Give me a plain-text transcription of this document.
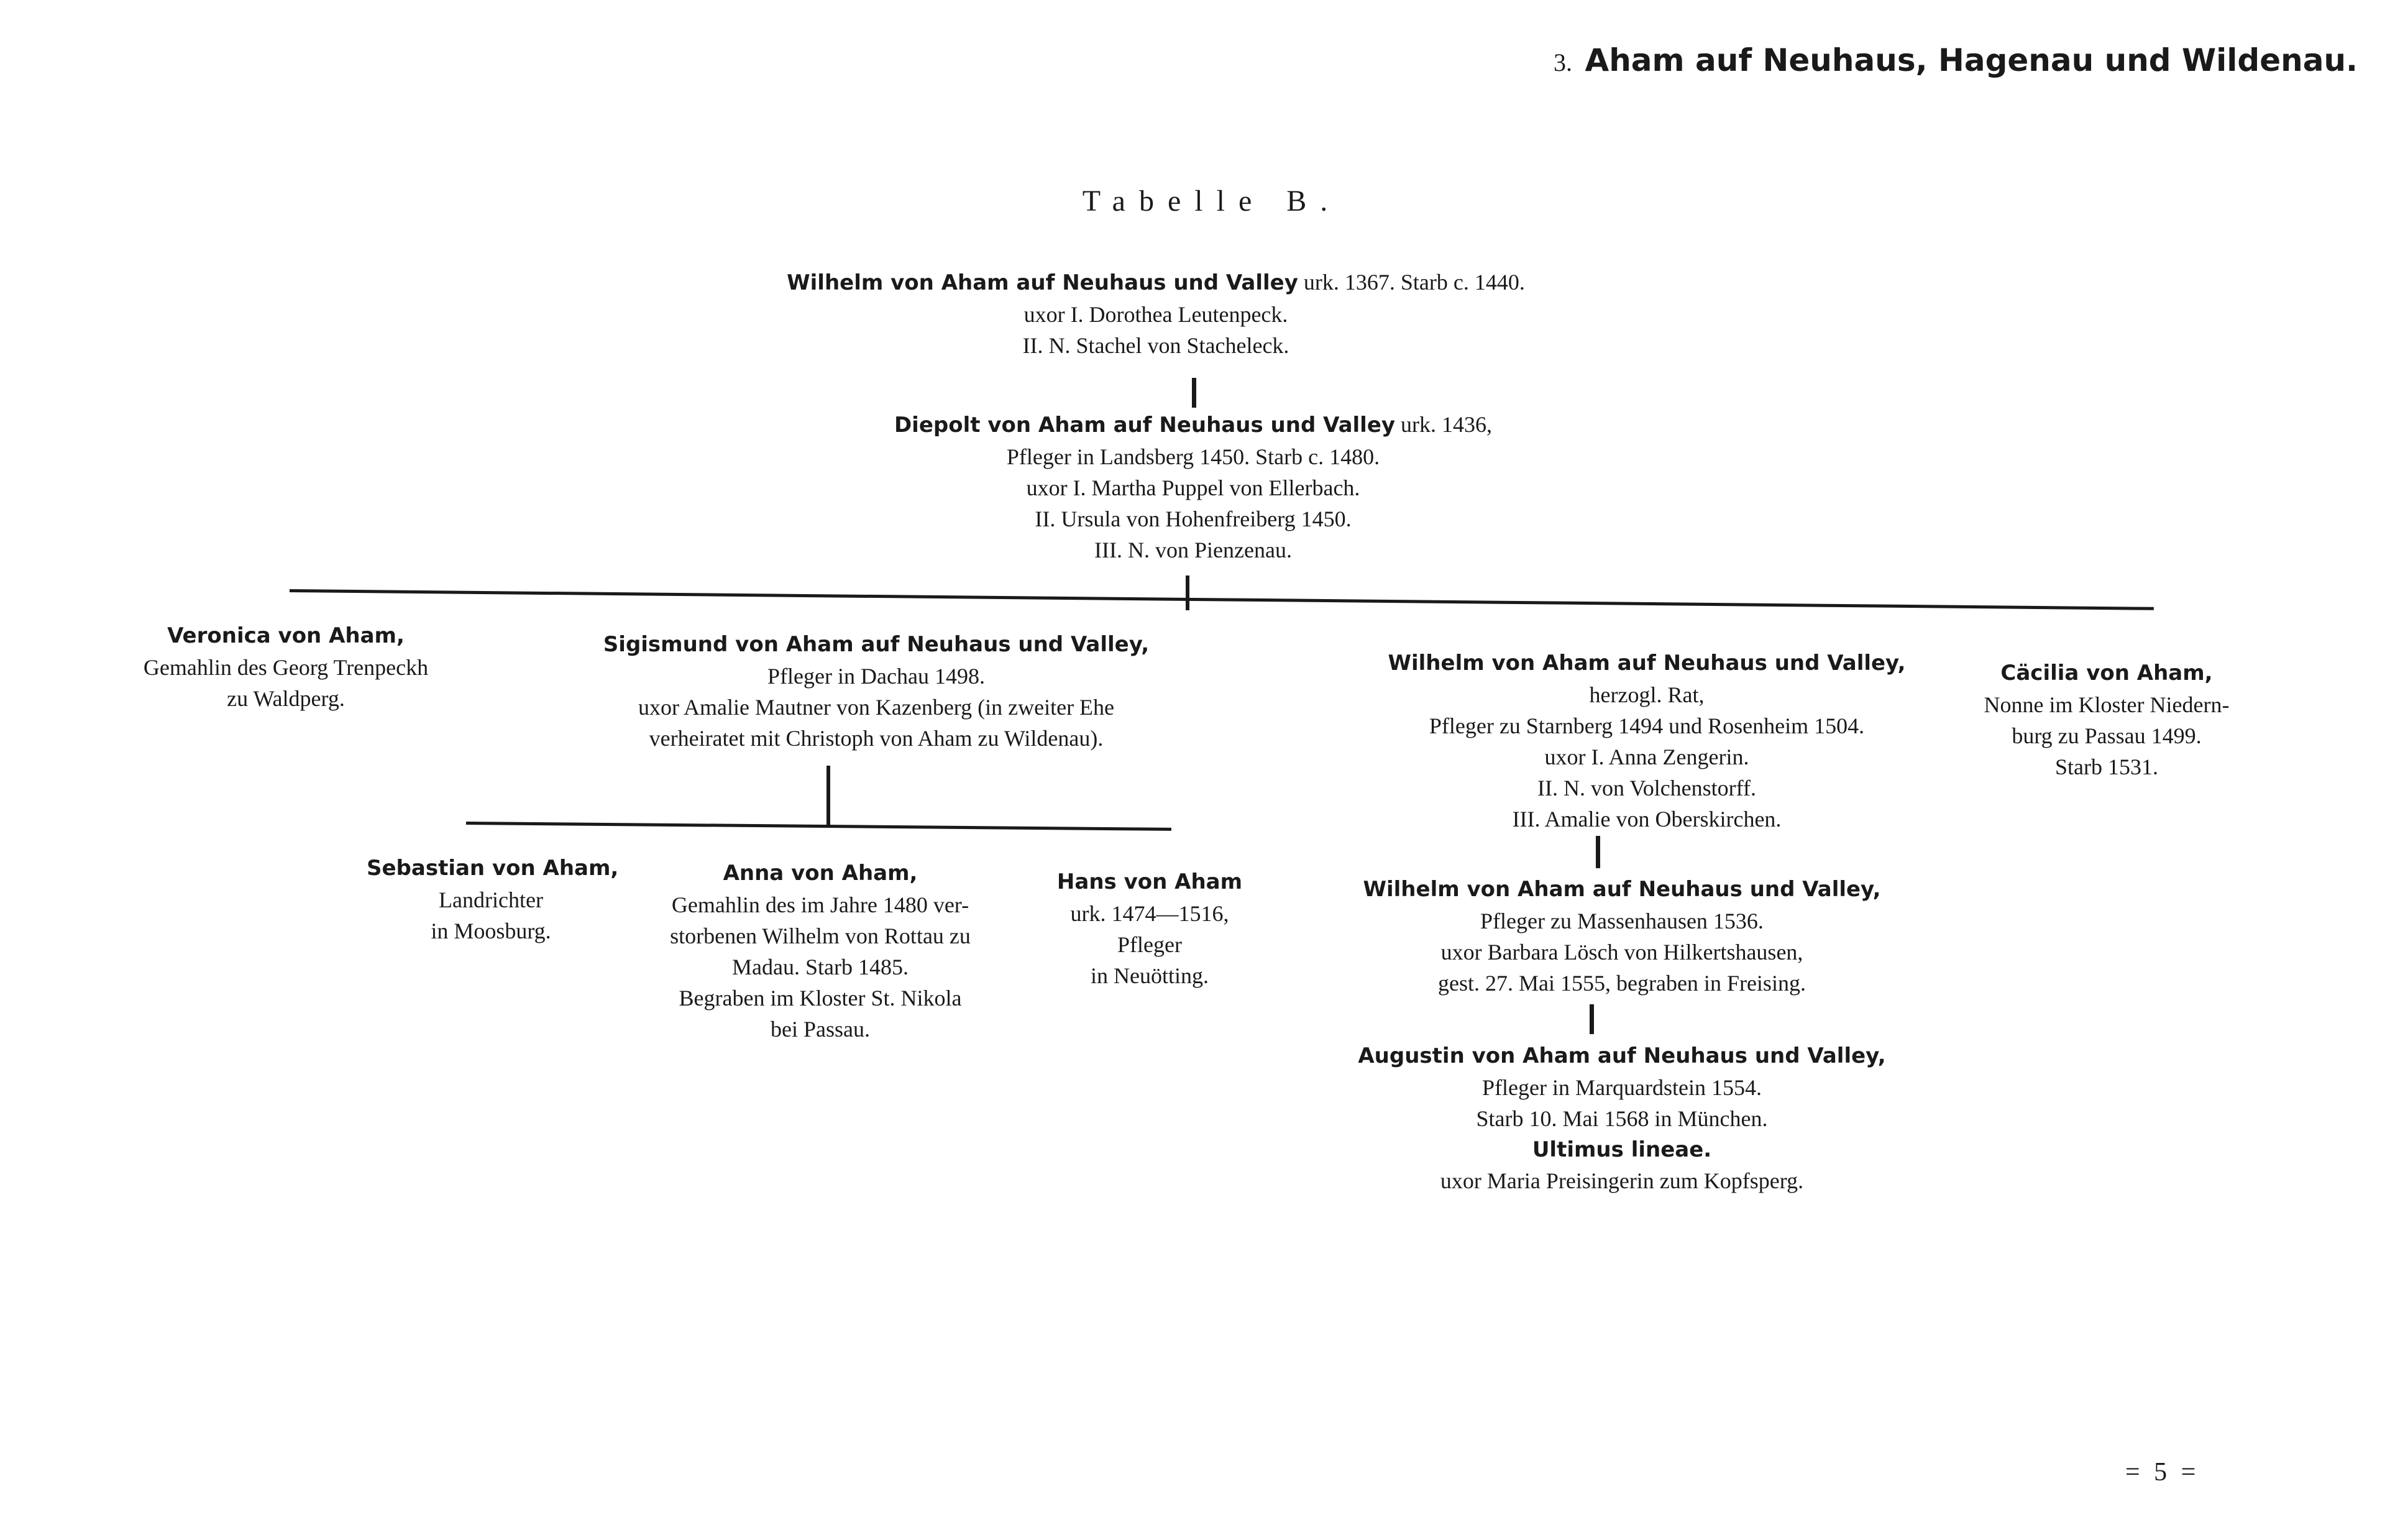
3. Aham auf Neuhaus, Hagenau und Wildenau.
Tabelle B.
Wilhelm von Aham auf Neuhaus und Valley urk. 1367. Starb c. 1440.
uxor I. Dorothea Leutenpeck.
II. N. Stachel von Stacheleck.
Diepolt von Aham auf Neuhaus und Valley urk. 1436,
Pfleger in Landsberg 1450. Starb c. 1480.
uxor I. Martha Puppel von Ellerbach.
II. Ursula von Hohenfreiberg 1450.
III. N. von Pienzenau.
Veronica von Aham,
Gemahlin des Georg Trenpeckh
zu Waldperg.
Sigismund von Aham auf Neuhaus und Valley,
Pfleger in Dachau 1498.
uxor Amalie Mautner von Kazenberg (in zweiter Ehe
verheiratet mit Christoph von Aham zu Wildenau).
Wilhelm von Aham auf Neuhaus und Valley,
herzogl. Rat,
Pfleger zu Starnberg 1494 und Rosenheim 1504.
uxor I. Anna Zengerin.
II. N. von Volchenstorff.
III. Amalie von Oberskirchen.
Cäcilia von Aham,
Nonne im Kloster Niedern-
burg zu Passau 1499.
Starb 1531.
Sebastian von Aham,
Landrichter
in Moosburg.
Anna von Aham,
Gemahlin des im Jahre 1480 ver-
storbenen Wilhelm von Rottau zu
Madau. Starb 1485.
Begraben im Kloster St. Nikola
bei Passau.
Hans von Aham
urk. 1474—1516,
Pfleger
in Neuötting.
Wilhelm von Aham auf Neuhaus und Valley,
Pfleger zu Massenhausen 1536.
uxor Barbara Lösch von Hilkertshausen,
gest. 27. Mai 1555, begraben in Freising.
Augustin von Aham auf Neuhaus und Valley,
Pfleger in Marquardstein 1554.
Starb 10. Mai 1568 in München.
Ultimus lineae.
uxor Maria Preisingerin zum Kopfsperg.
= 5 =
